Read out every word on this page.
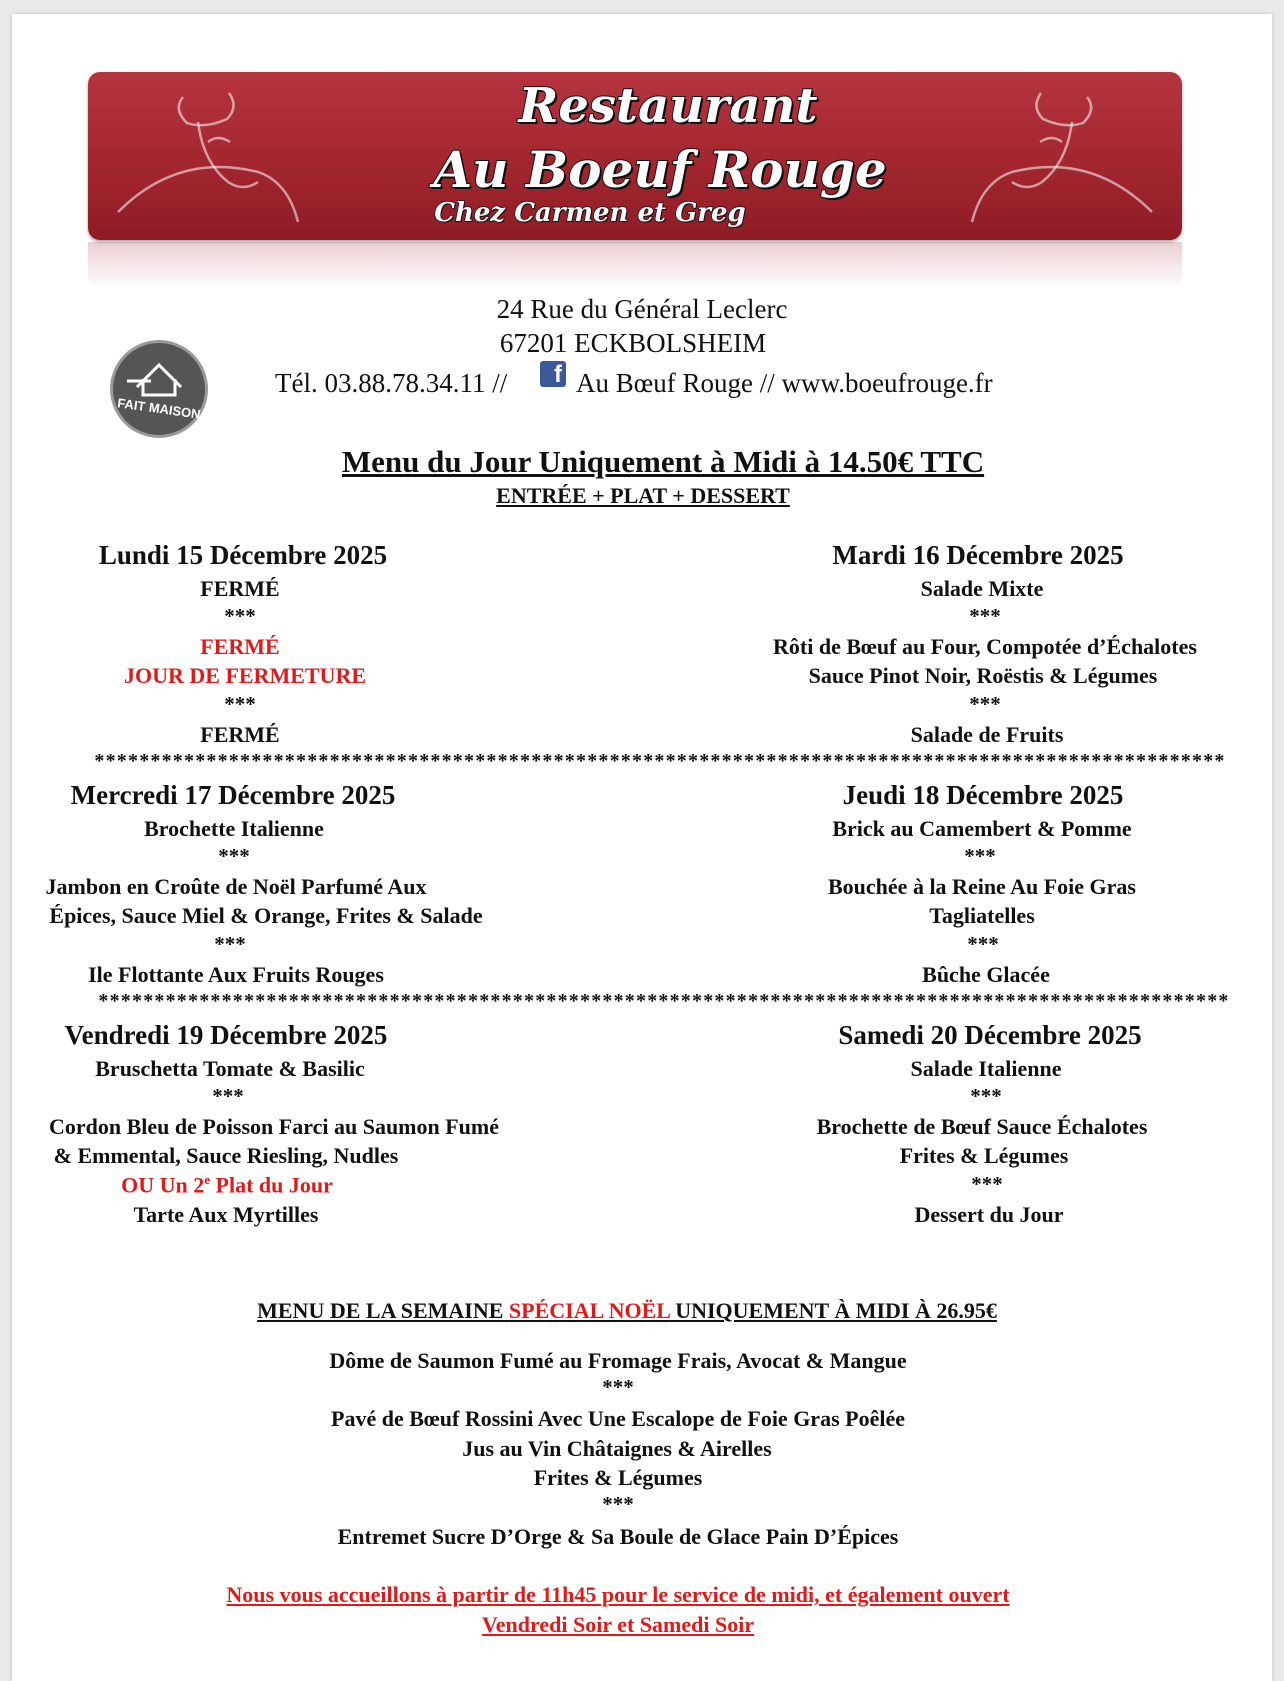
Restaurant
Au Boeuf Rouge
Chez Carmen et Greg
FAIT MAISON
24 Rue du Général Leclerc
67201 ECKBOLSHEIM
Tél. 03.88.78.34.11 // f Au Bœuf Rouge // www.boeufrouge.fr
Menu du Jour Uniquement à Midi à 14.50€ TTC
ENTRÉE + PLAT + DESSERT
Lundi 15 Décembre 2025
FERMÉ
***
FERMÉ
JOUR DE FERMETURE
***
FERMÉ
Mardi 16 Décembre 2025
Salade Mixte
***
Rôti de Bœuf au Four, Compotée d’Échalotes
Sauce Pinot Noir, Roëstis & Légumes
***
Salade de Fruits
*****************************************************************************************************
Mercredi 17 Décembre 2025
Brochette Italienne
***
Jambon en Croûte de Noël Parfumé Aux
Épices, Sauce Miel & Orange, Frites & Salade
***
Ile Flottante Aux Fruits Rouges
Jeudi 18 Décembre 2025
Brick au Camembert & Pomme
***
Bouchée à la Reine Au Foie Gras
Tagliatelles
***
Bûche Glacée
*****************************************************************************************************
Vendredi 19 Décembre 2025
Bruschetta Tomate & Basilic
***
Cordon Bleu de Poisson Farci au Saumon Fumé
& Emmental, Sauce Riesling, Nudles
OU Un 2e Plat du Jour
Tarte Aux Myrtilles
Samedi 20 Décembre 2025
Salade Italienne
***
Brochette de Bœuf Sauce Échalotes
Frites & Légumes
***
Dessert du Jour
MENU DE LA SEMAINE SPÉCIAL NOËL UNIQUEMENT À MIDI À 26.95€
Dôme de Saumon Fumé au Fromage Frais, Avocat & Mangue
***
Pavé de Bœuf Rossini Avec Une Escalope de Foie Gras Poêlée
Jus au Vin Châtaignes & Airelles
Frites & Légumes
***
Entremet Sucre D’Orge & Sa Boule de Glace Pain D’Épices
Nous vous accueillons à partir de 11h45 pour le service de midi, et également ouvert
Vendredi Soir et Samedi Soir
